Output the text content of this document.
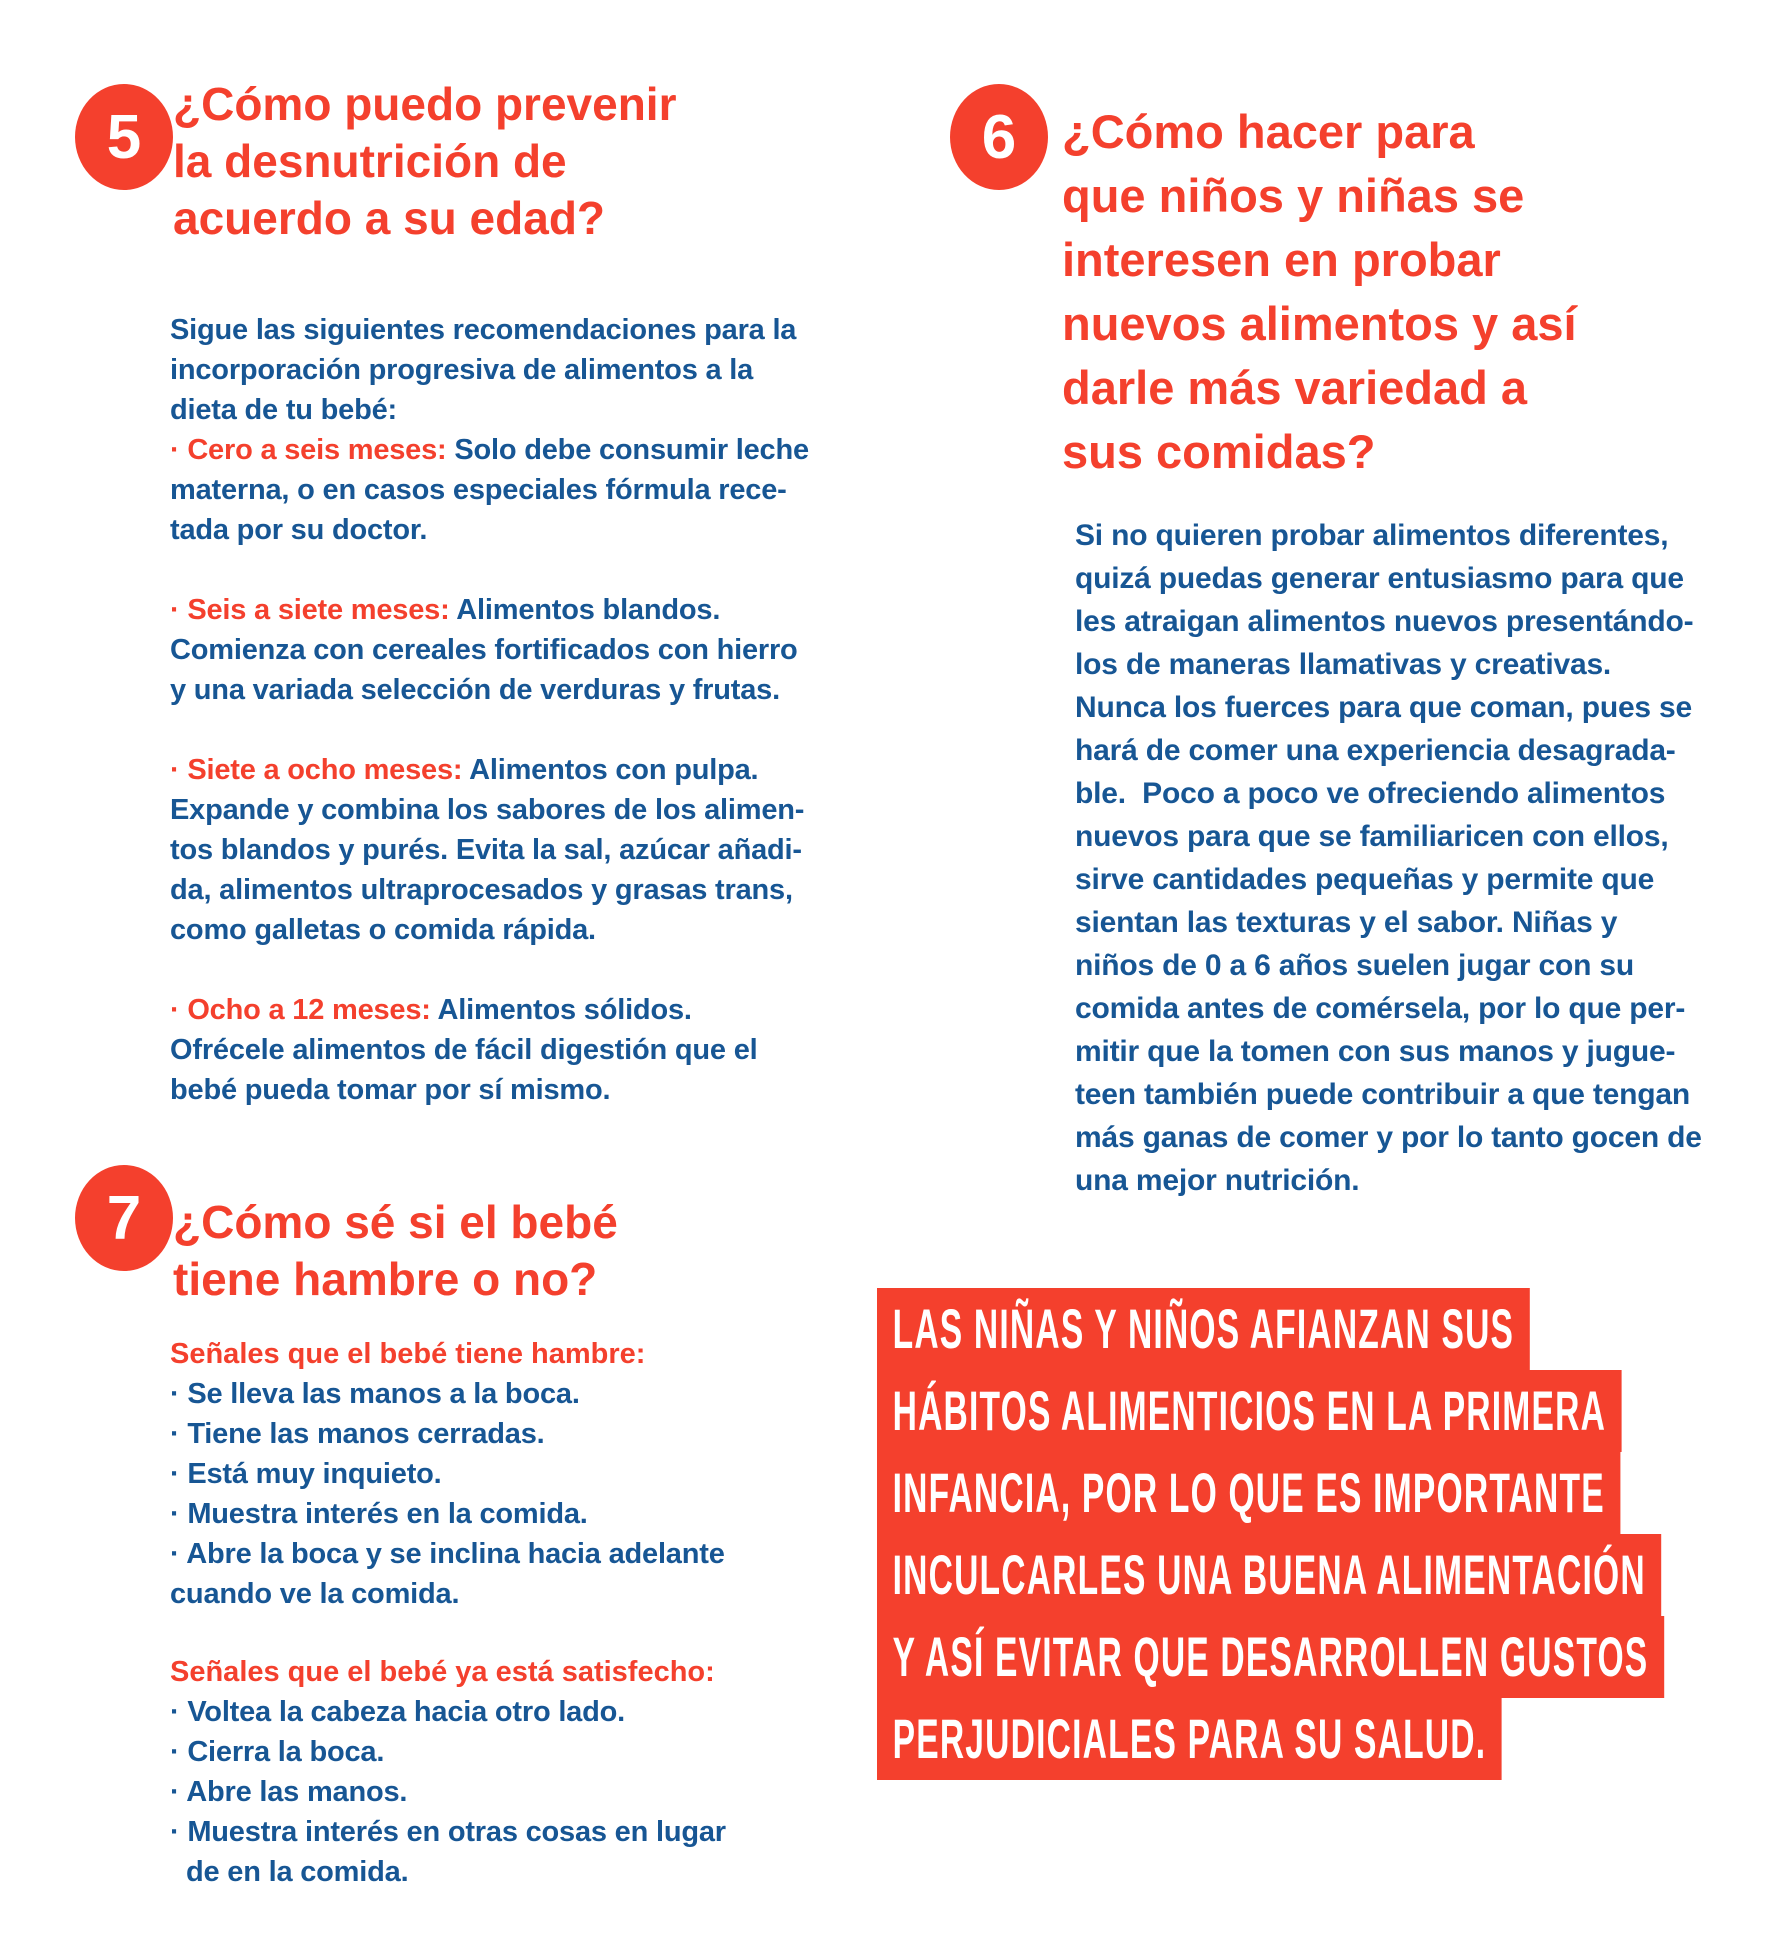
5 ¿Cómo puedo prevenir
la desnutrición de
acuerdo a su edad?
Sigue las siguientes recomendaciones para la
incorporación progresiva de alimentos a la
dieta de tu bebé:
· Cero a seis meses: Solo debe consumir leche
materna, o en casos especiales fórmula rece-
tada por su doctor.
· Seis a siete meses: Alimentos blandos.
Comienza con cereales fortificados con hierro
y una variada selección de verduras y frutas.
· Siete a ocho meses: Alimentos con pulpa.
Expande y combina los sabores de los alimen-
tos blandos y purés. Evita la sal, azúcar añadi-
da, alimentos ultraprocesados y grasas trans,
como galletas o comida rápida.
· Ocho a 12 meses: Alimentos sólidos.
Ofrécele alimentos de fácil digestión que el
bebé pueda tomar por sí mismo.
6 ¿Cómo hacer para
que niños y niñas se
interesen en probar
nuevos alimentos y así
darle más variedad a
sus comidas?
Si no quieren probar alimentos diferentes,
quizá puedas generar entusiasmo para que
les atraigan alimentos nuevos presentándo-
los de maneras llamativas y creativas.
Nunca los fuerces para que coman, pues se
hará de comer una experiencia desagrada-
ble.  Poco a poco ve ofreciendo alimentos
nuevos para que se familiaricen con ellos,
sirve cantidades pequeñas y permite que
sientan las texturas y el sabor. Niñas y
niños de 0 a 6 años suelen jugar con su
comida antes de comérsela, por lo que per-
mitir que la tomen con sus manos y jugue-
teen también puede contribuir a que tengan
más ganas de comer y por lo tanto gocen de
una mejor nutrición.
7 ¿Cómo sé si el bebé
tiene hambre o no?
Señales que el bebé tiene hambre:
· Se lleva las manos a la boca.
· Tiene las manos cerradas.
· Está muy inquieto.
· Muestra interés en la comida.
· Abre la boca y se inclina hacia adelante
cuando ve la comida.
Señales que el bebé ya está satisfecho:
· Voltea la cabeza hacia otro lado.
· Cierra la boca.
· Abre las manos.
· Muestra interés en otras cosas en lugar
de en la comida.
LAS NIÑAS Y NIÑOS AFIANZAN SUS
HÁBITOS ALIMENTICIOS EN LA PRIMERA
INFANCIA, POR LO QUE ES IMPORTANTE
INCULCARLES UNA BUENA ALIMENTACIÓN
Y ASÍ EVITAR QUE DESARROLLEN GUSTOS
PERJUDICIALES PARA SU SALUD.
